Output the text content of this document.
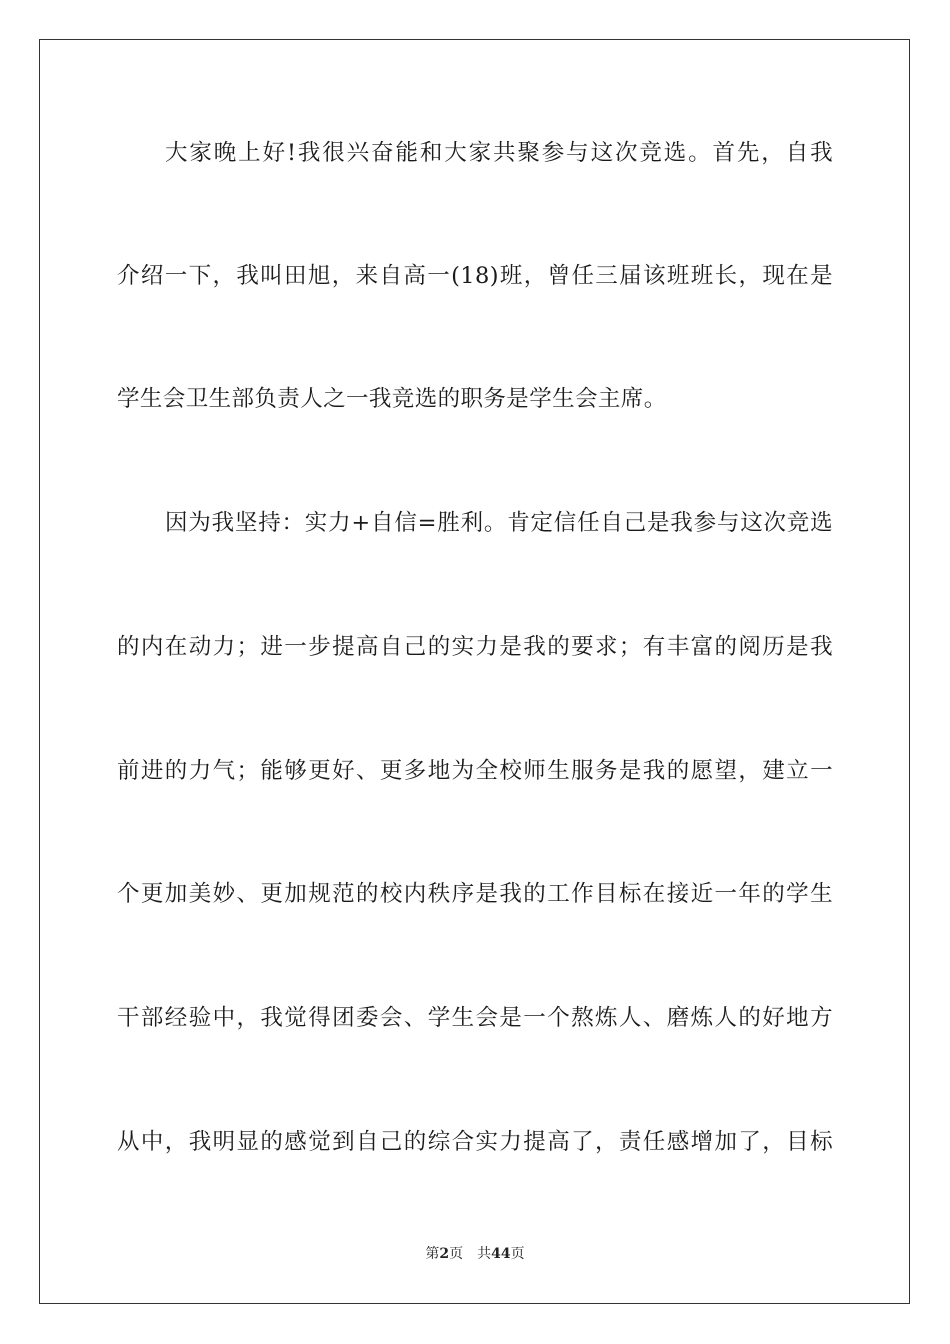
大家晚上好!我很兴奋能和大家共聚参与这次竞选。首先，自我
介绍一下，我叫田旭，来自高一(18)班，曾任三届该班班长，现在是
学生会卫生部负责人之一我竞选的职务是学生会主席。
因为我坚持：实力+自信=胜利。肯定信任自己是我参与这次竞选
的内在动力；进一步提高自己的实力是我的要求；有丰富的阅历是我
前进的力气；能够更好、更多地为全校师生服务是我的愿望，建立一
个更加美妙、更加规范的校内秩序是我的工作目标在接近一年的学生
干部经验中，我觉得团委会、学生会是一个熬炼人、磨炼人的好地方
从中，我明显的感觉到自己的综合实力提高了，责任感增加了，目标
第2页 共44页
